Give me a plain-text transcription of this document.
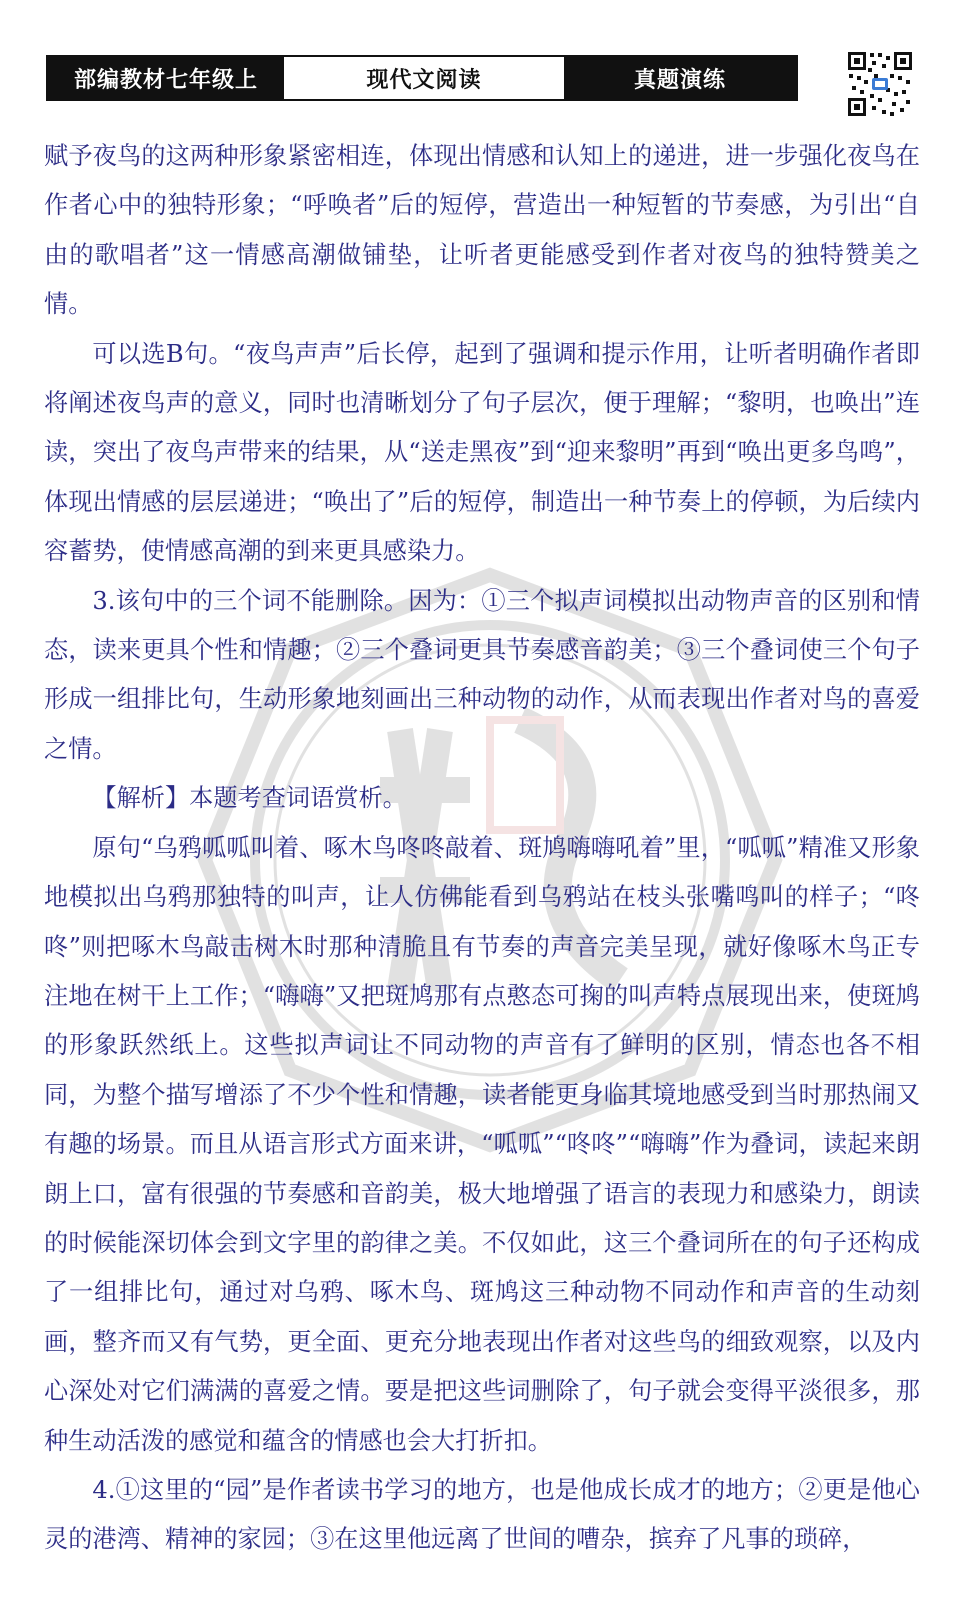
部编教材七年级上	现代文阅读	真题演练

赋予夜鸟的这两种形象紧密相连，体现出情感和认知上的递进，进一步强化夜鸟在作者心中的独特形象；“呼唤者”后的短停，营造出一种短暂的节奏感，为引出“自由的歌唱者”这一情感高潮做铺垫，让听者更能感受到作者对夜鸟的独特赞美之情。

可以选B句。“夜鸟声声”后长停，起到了强调和提示作用，让听者明确作者即将阐述夜鸟声的意义，同时也清晰划分了句子层次，便于理解；“黎明，也唤出”连读，突出了夜鸟声带来的结果，从“送走黑夜”到“迎来黎明”再到“唤出更多鸟鸣”，体现出情感的层层递进；“唤出了”后的短停，制造出一种节奏上的停顿，为后续内容蓄势，使情感高潮的到来更具感染力。

3.该句中的三个词不能删除。因为：①三个拟声词模拟出动物声音的区别和情态，读来更具个性和情趣；②三个叠词更具节奏感音韵美；③三个叠词使三个句子形成一组排比句，生动形象地刻画出三种动物的动作，从而表现出作者对鸟的喜爱之情。

【解析】本题考查词语赏析。

原句“乌鸦呱呱叫着、啄木鸟咚咚敲着、斑鸠嗨嗨吼着”里，“呱呱”精准又形象地模拟出乌鸦那独特的叫声，让人仿佛能看到乌鸦站在枝头张嘴鸣叫的样子；“咚咚”则把啄木鸟敲击树木时那种清脆且有节奏的声音完美呈现，就好像啄木鸟正专注地在树干上工作；“嗨嗨”又把斑鸠那有点憨态可掬的叫声特点展现出来，使斑鸠的形象跃然纸上。这些拟声词让不同动物的声音有了鲜明的区别，情态也各不相同，为整个描写增添了不少个性和情趣，读者能更身临其境地感受到当时那热闹又有趣的场景。而且从语言形式方面来讲，“呱呱”“咚咚”“嗨嗨”作为叠词，读起来朗朗上口，富有很强的节奏感和音韵美，极大地增强了语言的表现力和感染力，朗读的时候能深切体会到文字里的韵律之美。不仅如此，这三个叠词所在的句子还构成了一组排比句，通过对乌鸦、啄木鸟、斑鸠这三种动物不同动作和声音的生动刻画，整齐而又有气势，更全面、更充分地表现出作者对这些鸟的细致观察，以及内心深处对它们满满的喜爱之情。要是把这些词删除了，句子就会变得平淡很多，那种生动活泼的感觉和蕴含的情感也会大打折扣。

4.①这里的“园”是作者读书学习的地方，也是他成长成才的地方；②更是他心灵的港湾、精神的家园；③在这里他远离了世间的嘈杂，摈弃了凡事的琐碎，
